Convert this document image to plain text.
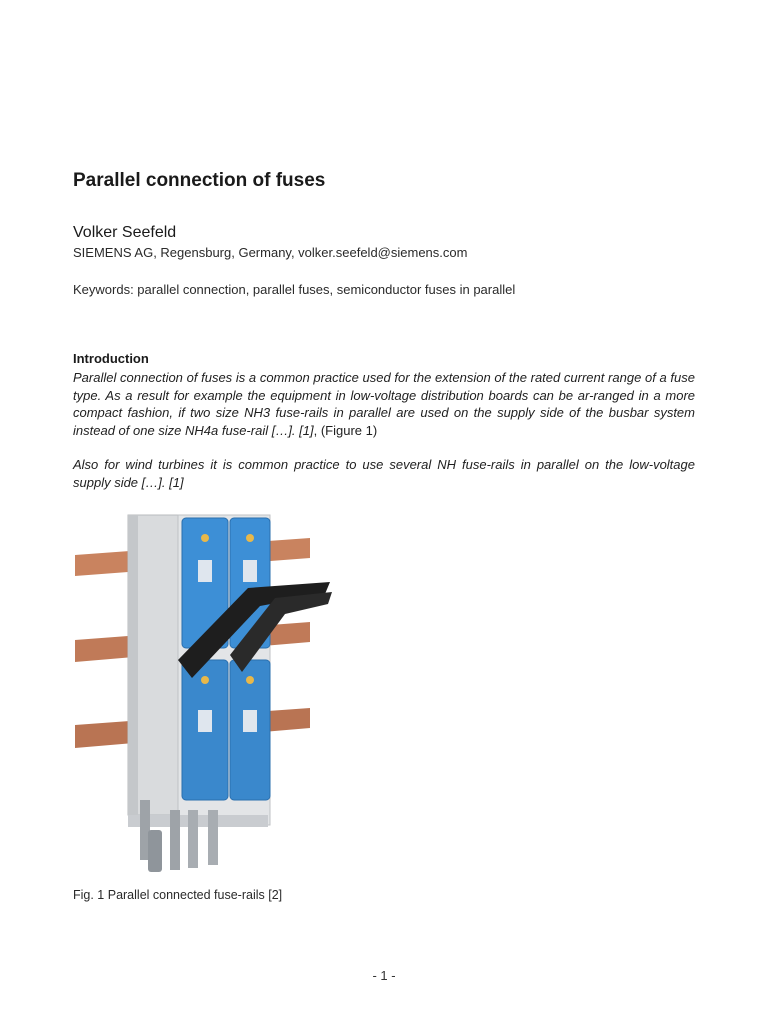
Parallel connection of fuses
Volker Seefeld
SIEMENS AG, Regensburg, Germany, volker.seefeld@siemens.com
Keywords: parallel connection, parallel fuses, semiconductor fuses in parallel
Introduction

Parallel connection of fuses is a common practice used for the extension of the rated current range of a fuse type. As a result for example the equipment in low-voltage distribution boards can be ar-ranged in a more compact fashion, if two size NH3 fuse-rails in parallel are used on the supply side of the busbar system instead of one size NH4a fuse-rail […]. [1], (Figure 1)

Also for wind turbines it is common practice to use several NH fuse-rails in parallel on the low-voltage supply side […]. [1]

Fig. 1 Parallel connected fuse-rails [2]
- 1 -
